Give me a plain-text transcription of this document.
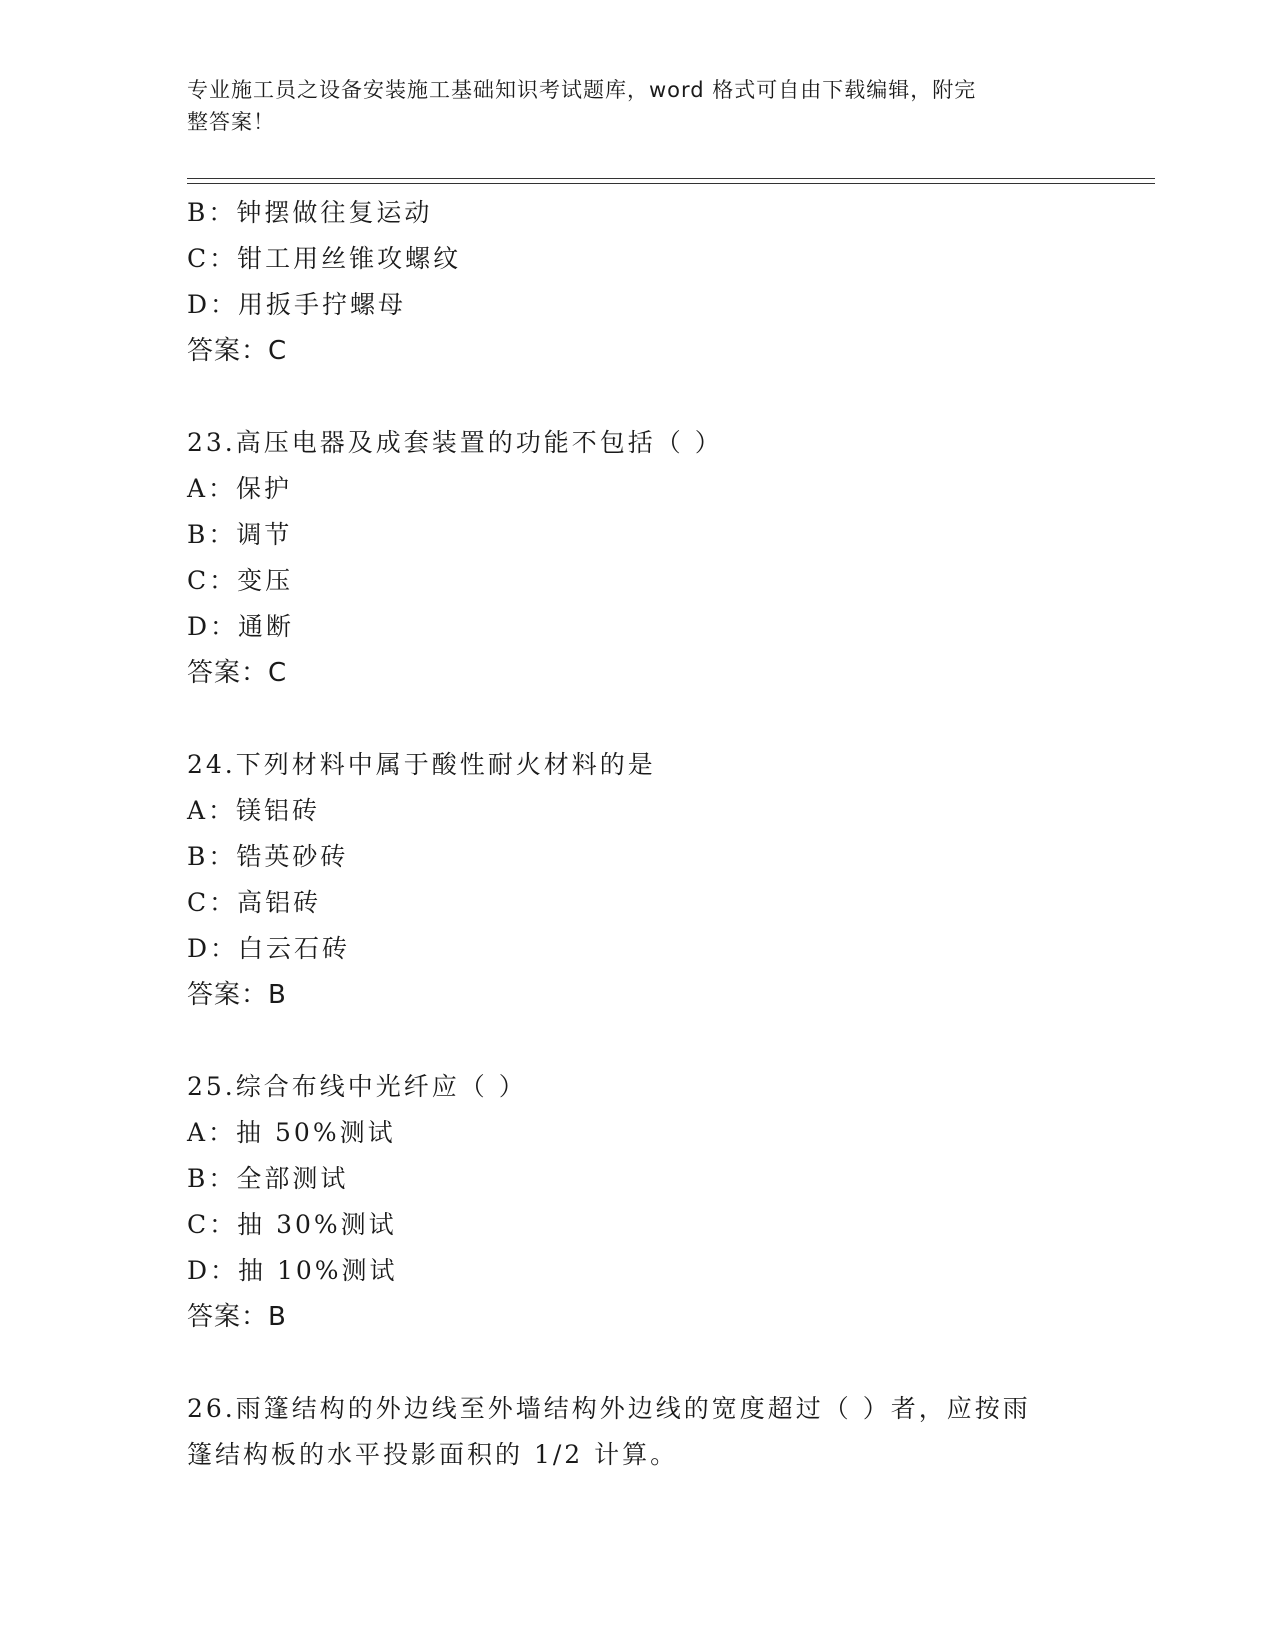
专业施工员之设备安装施工基础知识考试题库，word 格式可自由下载编辑，附完
整答案！
B：钟摆做往复运动
C：钳工用丝锥攻螺纹
D：用扳手拧螺母
答案：C
23.高压电器及成套装置的功能不包括（ ）
A：保护
B：调节
C：变压
D：通断
答案：C
24.下列材料中属于酸性耐火材料的是
A：镁铝砖
B：锆英砂砖
C：高铝砖
D：白云石砖
答案：B
25.综合布线中光纤应（ ）
A：抽 50%测试
B：全部测试
C：抽 30%测试
D：抽 10%测试
答案：B
26.雨篷结构的外边线至外墙结构外边线的宽度超过（ ）者，应按雨
篷结构板的水平投影面积的 1/2 计算。
